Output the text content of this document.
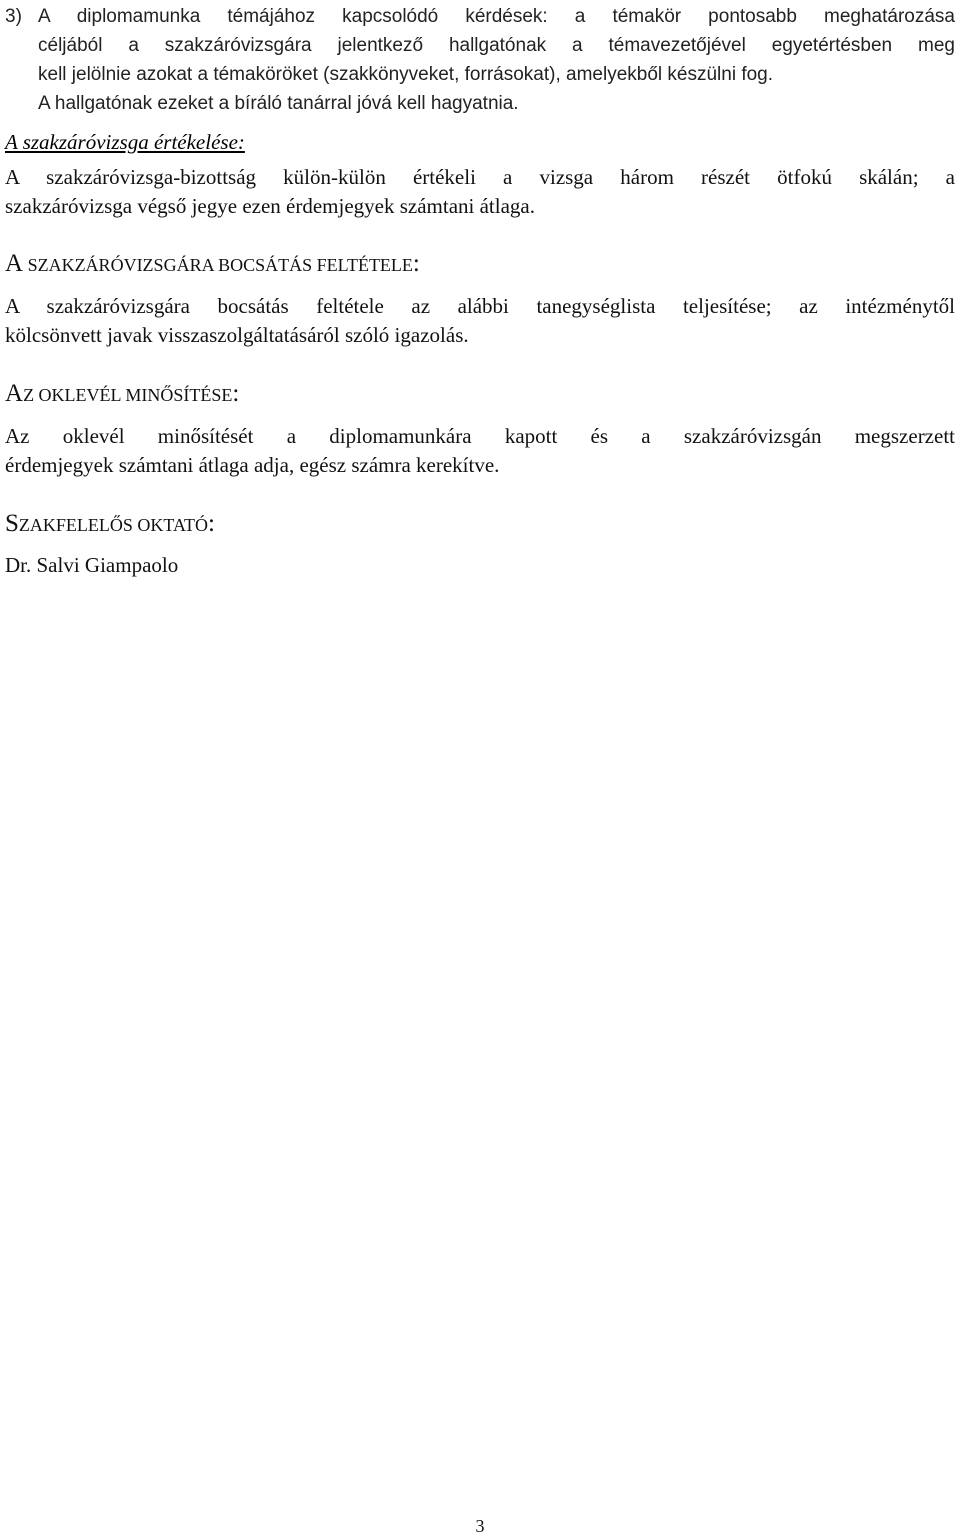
3) A diplomamunka témájához kapcsolódó kérdések: a témakör pontosabb meghatározása
céljából a szakzáróvizsgára jelentkező hallgatónak a témavezetőjével egyetértésben meg
kell jelölnie azokat a témaköröket (szakkönyveket, forrásokat), amelyekből készülni fog.
A hallgatónak ezeket a bíráló tanárral jóvá kell hagyatnia.
A szakzáróvizsga értékelése:
A szakzáróvizsga-bizottság külön-külön értékeli a vizsga három részét ötfokú skálán; a
szakzáróvizsga végső jegye ezen érdemjegyek számtani átlaga.
A SZAKZÁRÓVIZSGÁRA BOCSÁTÁS FELTÉTELE:
A szakzáróvizsgára bocsátás feltétele az alábbi tanegységlista teljesítése; az intézménytől
kölcsönvett javak visszaszolgáltatásáról szóló igazolás.
AZ OKLEVÉL MINŐSÍTÉSE:
Az oklevél minősítését a diplomamunkára kapott és a szakzáróvizsgán megszerzett
érdemjegyek számtani átlaga adja, egész számra kerekítve.
SZAKFELELŐS OKTATÓ:
Dr. Salvi Giampaolo
3
